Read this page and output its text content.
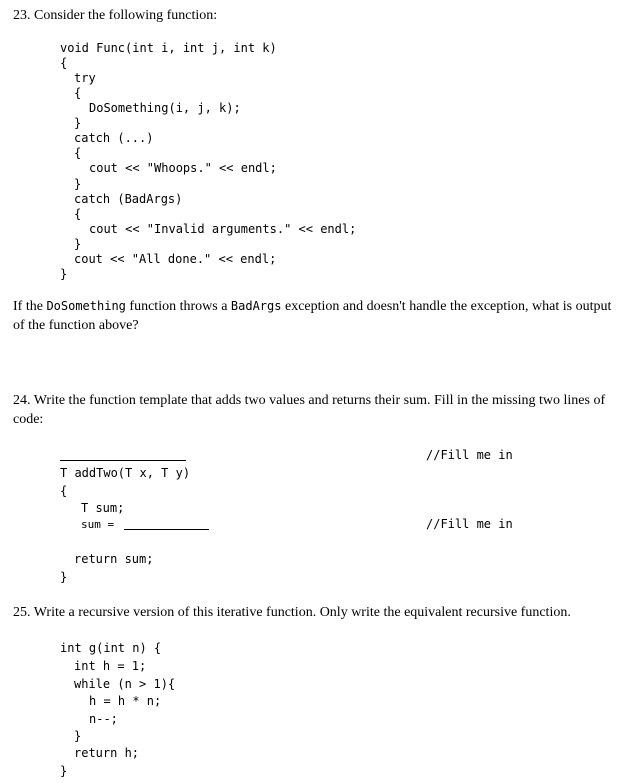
23. Consider the following function:
void Func(int i, int j, int k)
{
try
{
DoSomething(i, j, k);
}
catch (...)
{
cout << "Whoops." << endl;
}
catch (BadArgs)
{
cout << "Invalid arguments." << endl;
}
cout << "All done." << endl;
}
If the DoSomething function throws a BadArgs exception and doesn't handle the exception, what is output of the function above?
24. Write the function template that adds two values and returns their sum. Fill in the missing two lines of code:
//Fill me in
T addTwo(T x, T y)
{
T sum;
sum =	//Fill me in
return sum;
}
25. Write a recursive version of this iterative function. Only write the equivalent recursive function.
int g(int n) {
int h = 1;
while (n > 1){
h = h * n;
n--;
}
return h;
}
